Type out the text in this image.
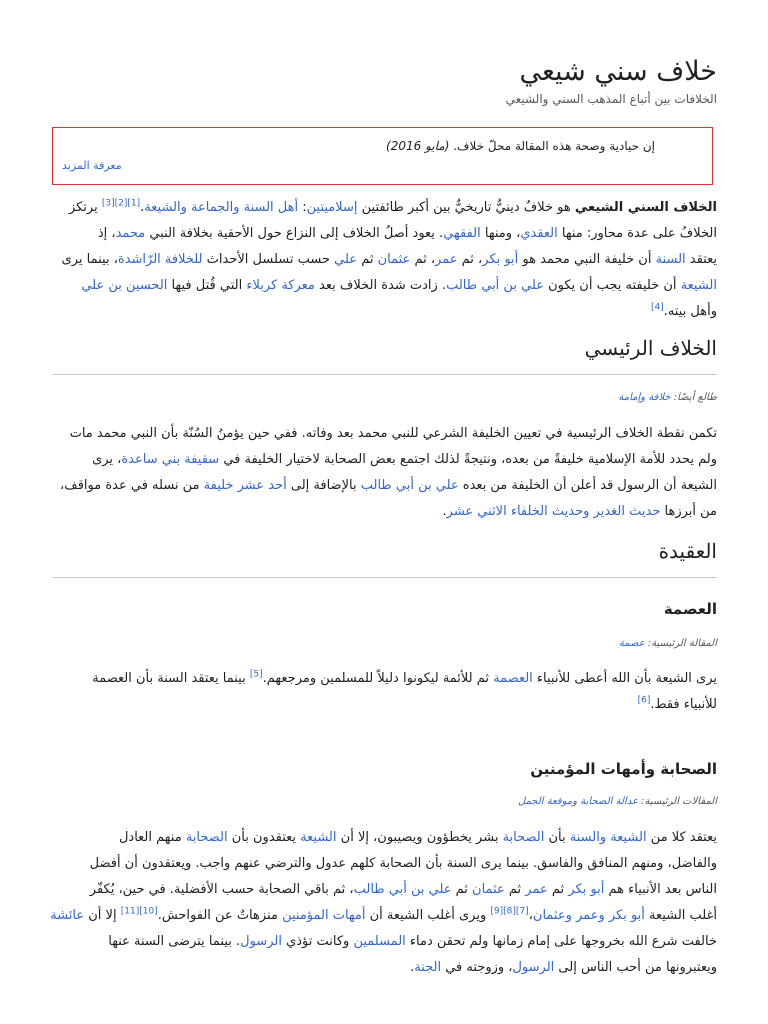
خلاف سني شيعي
الخلافات بين أتباع المذهب السني والشيعي
إن حيادية وصحة هذه المقالة محلّ خلاف. (مايو 2016)
معرفة المزيد
الخلاف السني الشيعي هو خلافٌ دينيٌّ تاريخيٌّ بين أكبر طائفتين إسلاميتين: أهل السنة والجماعة والشيعة.[1][2][3] يرتكز
الخلافُ على عدة محاور: منها العقدي، ومنها الفقهي. يعود أصلُ الخلاف إلى النزاع حول الأحقية بخلافة النبي محمد، إذ
يعتقد السنة أن خليفة النبي محمد هو أبو بكر، ثم عمر، ثم عثمان ثم علي حسب تسلسل الأحداث للخلافة الرّاشدة، بينما يرى
الشيعة أن خليفته يجب أن يكون علي بن أبي طالب. زادت شدة الخلاف بعد معركة كربلاء التي قُتل فيها الحسين بن علي
وأهل بيته.[4]
الخلاف الرئيسي
طالع أيضًا: خلافة وإمامة
تكمن نقطة الخلاف الرئيسية في تعيين الخليفة الشرعي للنبي محمد بعد وفاته. ففي حين يؤمنُ السُنّة بأن النبي محمد مات
ولم يحدد للأمة الإسلامية خليفةً من بعده، ونتيجةً لذلك اجتمع بعض الصحابة لاختيار الخليفة في سقيفة بني ساعدة، يرى
الشيعة أن الرسول قد أعلن أن الخليفة من بعده علي بن أبي طالب بالإضافة إلى أحد عشر خليفة من نسله في عدة مواقف،
من أبرزها حديث الغدير وحديث الخلفاء الاثني عشر.
العقيدة
العصمة
المقالة الرئيسية: عصمة
يرى الشيعة بأن الله أعطى للأنبياء العصمة ثم للأئمة ليكونوا دليلاً للمسلمين ومرجعهم.[5] بينما يعتقد السنة بأن العصمة
للأنبياء فقط.[6]
الصحابة وأمهات المؤمنين
المقالات الرئيسية: عدالة الصحابة وموقعة الجمل
يعتقد كلا من الشيعة والسنة بأن الصحابة بشر يخطؤون ويصيبون، إلا أن الشيعة يعتقدون بأن الصحابة منهم العادل
والفاضل، ومنهم المنافق والفاسق. بينما يرى السنة بأن الصحابة كلهم عدول والترضي عنهم واجب. ويعتقدون أن أفضل
الناس بعد الأنبياء هم أبو بكر ثم عمر ثم عثمان ثم علي بن أبي طالب، ثم باقي الصحابة حسب الأفضلية. في حين، يُكفّر
أغلب الشيعة أبو بكر وعمر وعثمان،[7][8][9] ويرى أغلب الشيعة أن أمهات المؤمنين منزهاتٌ عن الفواحش.[10][11] إلا أن عائشة
خالفت شرع الله بخروجها على إمام زمانها ولم تحقن دماء المسلمين وكانت تؤذي الرسول. بينما يترضى السنة عنها
ويعتبرونها من أحب الناس إلى الرسول، وزوجته في الجنة.
